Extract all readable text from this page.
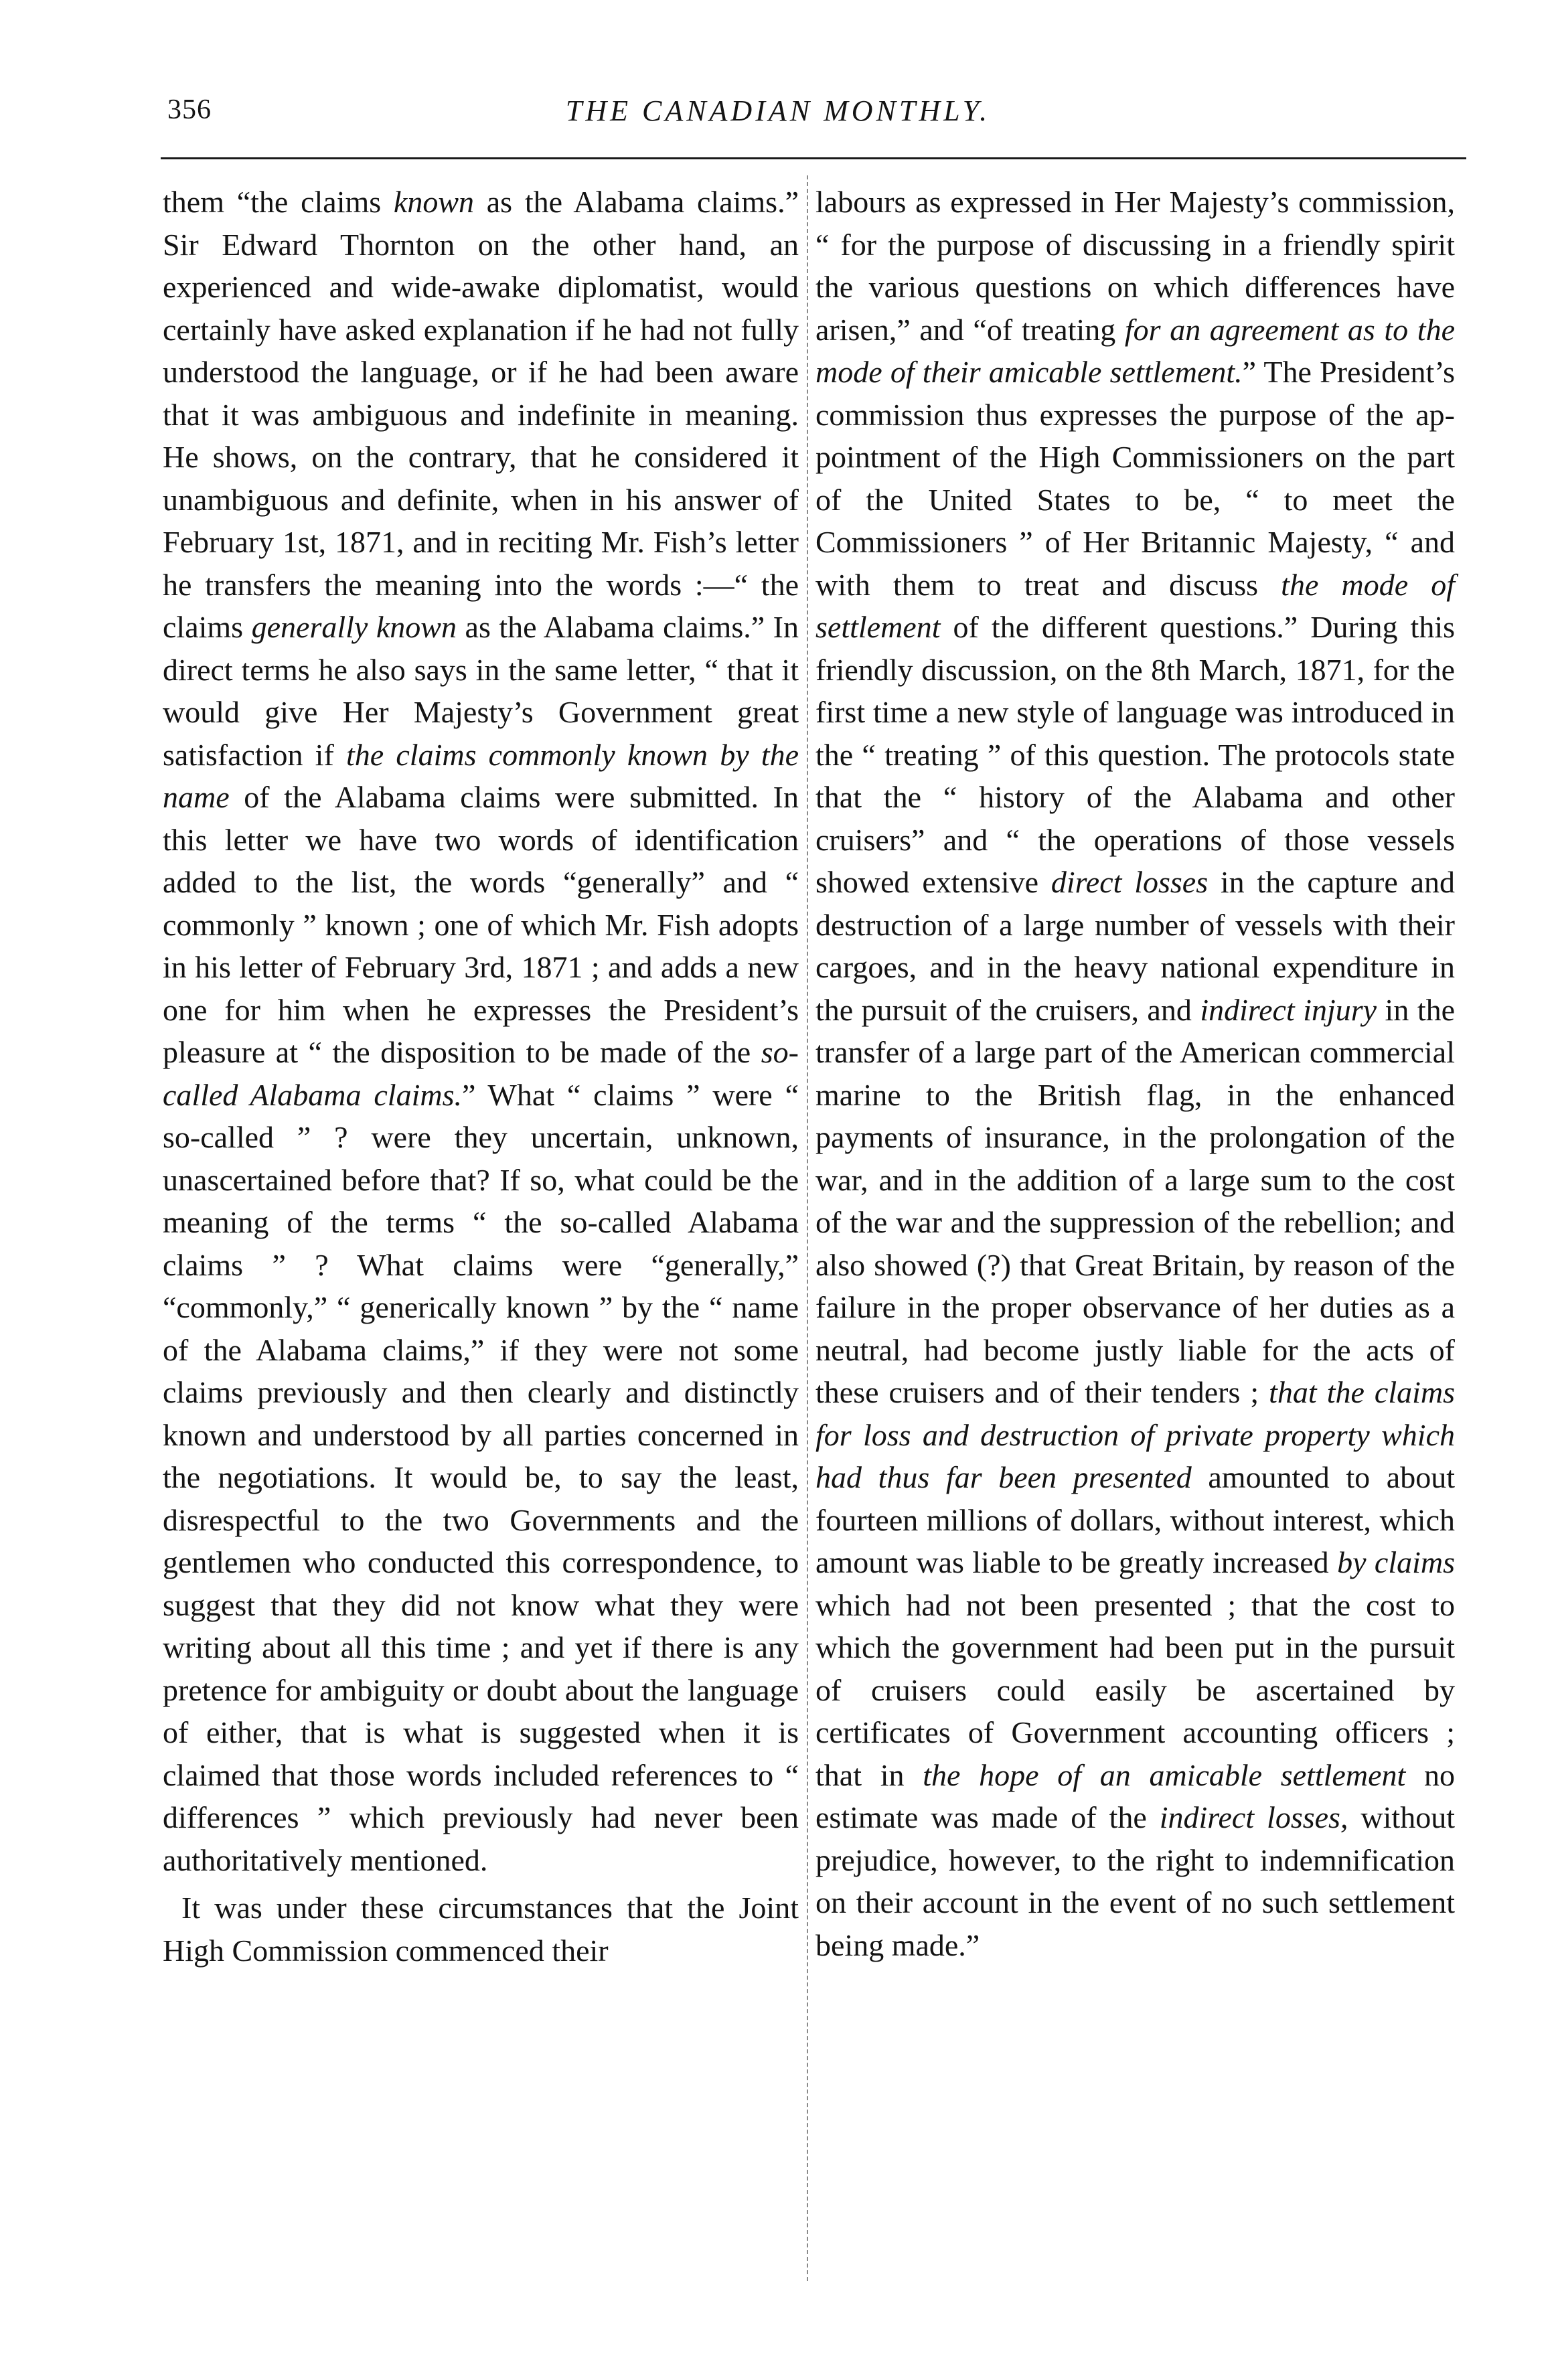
356	THE CANADIAN MONTHLY.

them “the claims known as the Alabama claims.” Sir Edward Thornton on the other hand, an experienced and wide-awake diplomatist, would certainly have asked explanation if he had not fully understood the language, or if he had been aware that it was ambiguous and indefinite in meaning. He shows, on the contrary, that he considered it unambiguous and definite, when in his answer of February 1st, 1871, and in reciting Mr. Fish’s letter he transfers the meaning into the words :—“ the claims generally known as the Alabama claims.” In direct terms he also says in the same letter, “ that it would give Her Majesty’s Government great satisfaction if the claims commonly known by the name of the Alabama claims were submitted. In this letter we have two words of identification added to the list, the words “generally” and “ commonly ” known ; one of which Mr. Fish adopts in his letter of February 3rd, 1871 ; and adds a new one for him when he expresses the President’s pleasure at “ the disposition to be made of the so-called Alabama claims.” What “ claims ” were “ so-called ” ? were they uncertain, unknown, unascertained before that? If so, what could be the meaning of the terms “ the so-called Alabama claims ” ? What claims were “generally,” “commonly,” “ generically known ” by the “ name of the Alabama claims,” if they were not some claims previously and then clearly and distinctly known and understood by all parties concerned in the negotiations. It would be, to say the least, disrespectful to the two Governments and the gentlemen who conducted this correspondence, to suggest that they did not know what they were writing about all this time ; and yet if there is any pretence for ambiguity or doubt about the language of either, that is what is suggested when it is claimed that those words included references to “ differences ” which previously had never been authoritatively mentioned.

It was under these circumstances that the Joint High Commission commenced their

labours as expressed in Her Majesty’s commission, “ for the purpose of discussing in a friendly spirit the various questions on which differences have arisen,” and “of treating for an agreement as to the mode of their amicable settlement.” The President’s commission thus expresses the purpose of the appointment of the High Commissioners on the part of the United States to be, “ to meet the Commissioners ” of Her Britannic Majesty, “ and with them to treat and discuss the mode of settlement of the different questions.” During this friendly discussion, on the 8th March, 1871, for the first time a new style of language was introduced in the “ treating ” of this question. The protocols state that the “ history of the Alabama and other cruisers” and “ the operations of those vessels showed extensive direct losses in the capture and destruction of a large number of vessels with their cargoes, and in the heavy national expenditure in the pursuit of the cruisers, and indirect injury in the transfer of a large part of the American commercial marine to the British flag, in the enhanced payments of insurance, in the prolongation of the war, and in the addition of a large sum to the cost of the war and the suppression of the rebellion; and also showed (?) that Great Britain, by reason of the failure in the proper observance of her duties as a neutral, had become justly liable for the acts of these cruisers and of their tenders ; that the claims for loss and destruction of private property which had thus far been presented amounted to about fourteen millions of dollars, without interest, which amount was liable to be greatly increased by claims which had not been presented ; that the cost to which the government had been put in the pursuit of cruisers could easily be ascertained by certificates of Government accounting officers ; that in the hope of an amicable settlement no estimate was made of the indirect losses, without prejudice, however, to the right to indemnification on their account in the event of no such settlement being made.”
